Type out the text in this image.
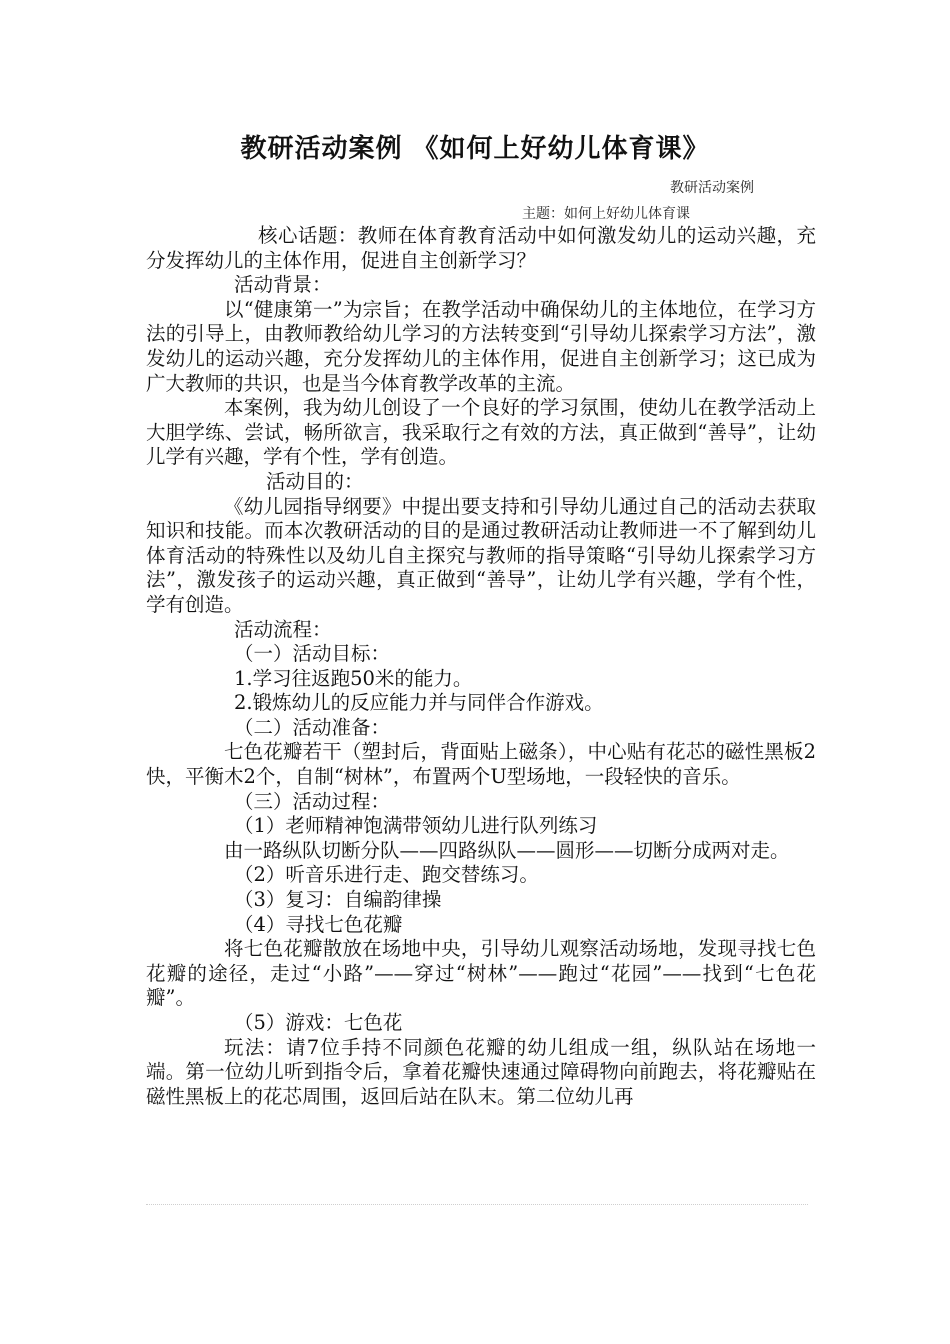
教研活动案例 《如何上好幼儿体育课》
教研活动案例
主题：如何上好幼儿体育课

核心话题：教师在体育教育活动中如何激发幼儿的运动兴趣，充分发挥幼儿的主体作用，促进自主创新学习？

活动背景：

以“健康第一”为宗旨；在教学活动中确保幼儿的主体地位，在学习方法的引导上，由教师教给幼儿学习的方法转变到“引导幼儿探索学习方法”，激发幼儿的运动兴趣，充分发挥幼儿的主体作用，促进自主创新学习；这已成为广大教师的共识，也是当今体育教学改革的主流。

本案例，我为幼儿创设了一个良好的学习氛围，使幼儿在教学活动上大胆学练、尝试，畅所欲言，我采取行之有效的方法，真正做到“善导”，让幼儿学有兴趣，学有个性，学有创造。

活动目的：

《幼儿园指导纲要》中提出要支持和引导幼儿通过自己的活动去获取知识和技能。而本次教研活动的目的是通过教研活动让教师进一不了解到幼儿体育活动的特殊性以及幼儿自主探究与教师的指导策略“引导幼儿探索学习方法”，激发孩子的运动兴趣，真正做到“善导”，让幼儿学有兴趣，学有个性，学有创造。

活动流程：

（一）活动目标：

1.学习往返跑50米的能力。

2.锻炼幼儿的反应能力并与同伴合作游戏。

（二）活动准备：

七色花瓣若干（塑封后，背面贴上磁条），中心贴有花芯的磁性黑板2快，平衡木2个，自制“树林”，布置两个U型场地，一段轻快的音乐。

（三）活动过程：

（1）老师精神饱满带领幼儿进行队列练习

由一路纵队切断分队——四路纵队——圆形——切断分成两对走。

（2）听音乐进行走、跑交替练习。

（3）复习：自编韵律操

（4）寻找七色花瓣

将七色花瓣散放在场地中央，引导幼儿观察活动场地，发现寻找七色花瓣的途径，走过“小路”——穿过“树林”——跑过“花园”——找到“七色花瓣”。

（5）游戏：七色花

玩法：请7位手持不同颜色花瓣的幼儿组成一组，纵队站在场地一端。第一位幼儿听到指令后，拿着花瓣快速通过障碍物向前跑去，将花瓣贴在磁性黑板上的花芯周围，返回后站在队末。第二位幼儿再
